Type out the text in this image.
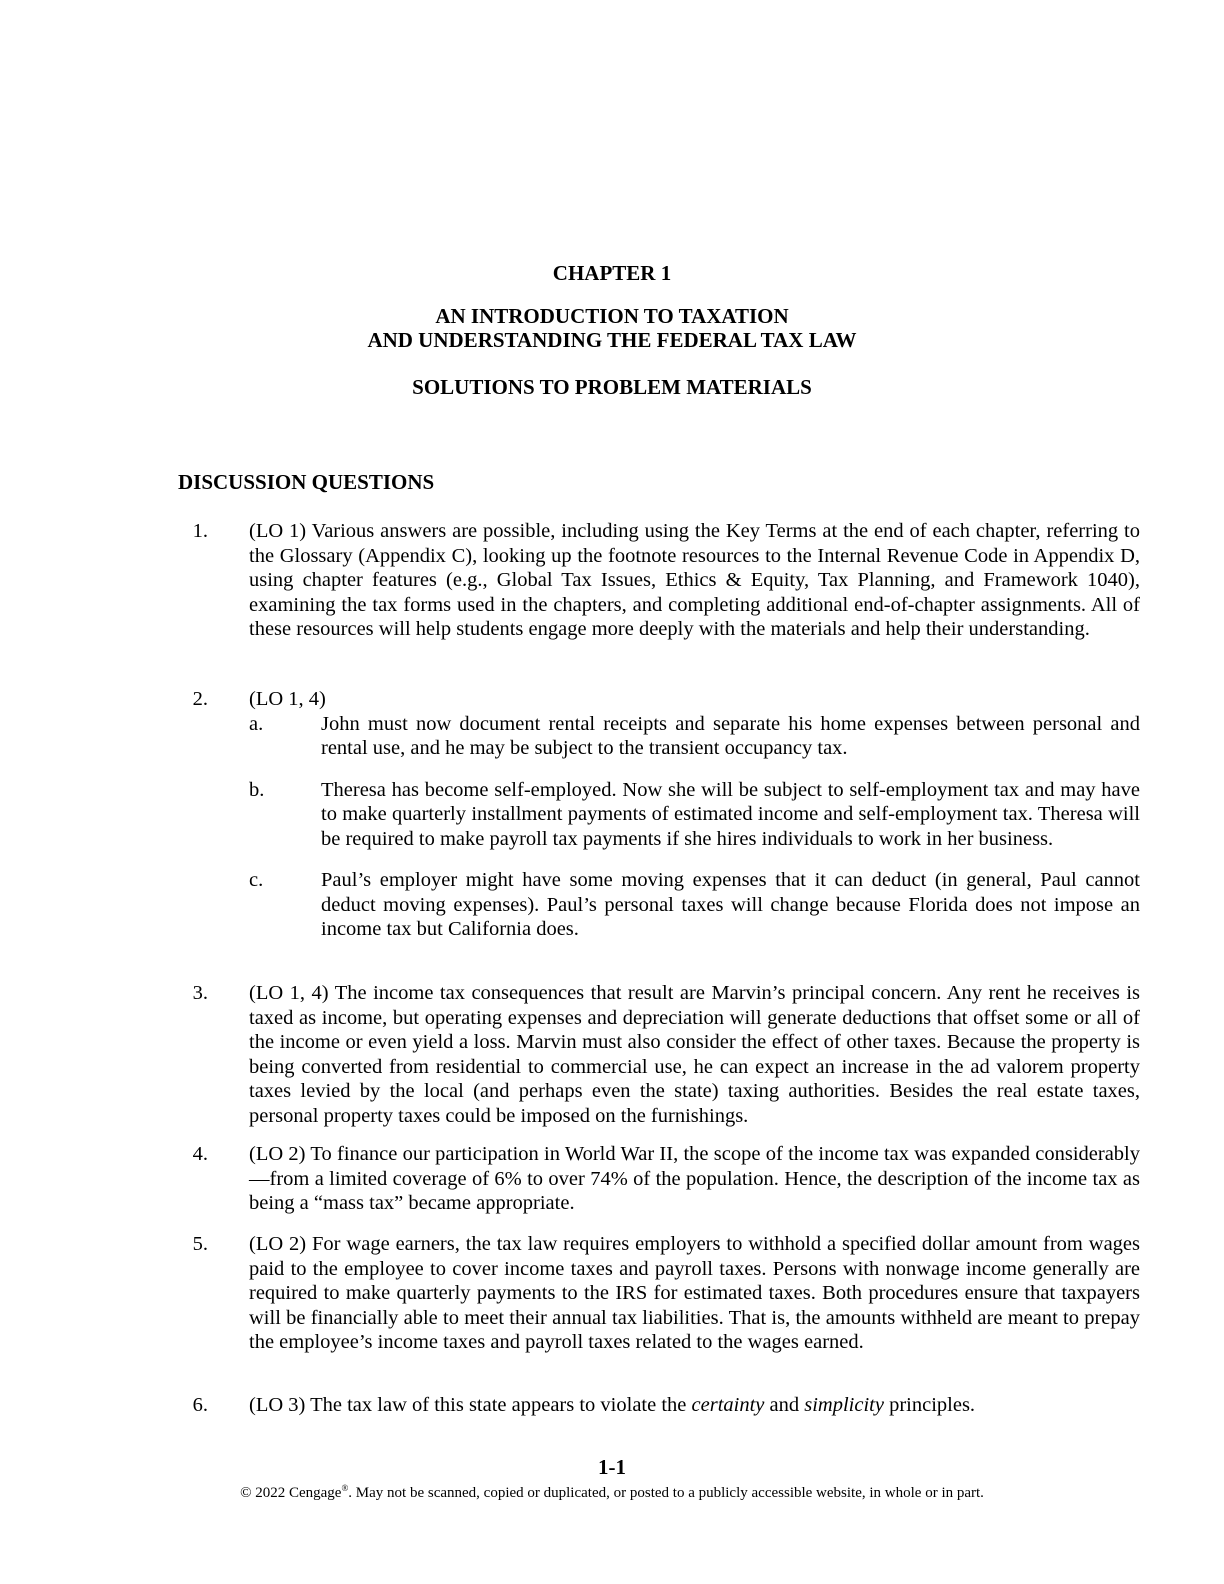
CHAPTER 1
AN INTRODUCTION TO TAXATION
AND UNDERSTANDING THE FEDERAL TAX LAW
SOLUTIONS TO PROBLEM MATERIALS
DISCUSSION QUESTIONS
1. (LO 1) Various answers are possible, including using the Key Terms at the end of each chapter, referring to the Glossary (Appendix C), looking up the footnote resources to the Internal Revenue Code in Appendix D, using chapter features (e.g., Global Tax Issues, Ethics & Equity, Tax Planning, and Framework 1040), examining the tax forms used in the chapters, and completing additional end-of-chapter assignments. All of these resources will help students engage more deeply with the materials and help their understanding.
2. (LO 1, 4)
a.	John must now document rental receipts and separate his home expenses between personal and rental use, and he may be subject to the transient occupancy tax.
b.	Theresa has become self-employed. Now she will be subject to self-employment tax and may have to make quarterly installment payments of estimated income and self-employment tax. Theresa will be required to make payroll tax payments if she hires individuals to work in her business.
c.	Paul’s employer might have some moving expenses that it can deduct (in general, Paul cannot deduct moving expenses). Paul’s personal taxes will change because Florida does not impose an income tax but California does.
3. (LO 1, 4) The income tax consequences that result are Marvin’s principal concern. Any rent he receives is taxed as income, but operating expenses and depreciation will generate deductions that offset some or all of the income or even yield a loss. Marvin must also consider the effect of other taxes. Because the property is being converted from residential to commercial use, he can expect an increase in the ad valorem property taxes levied by the local (and perhaps even the state) taxing authorities. Besides the real estate taxes, personal property taxes could be imposed on the furnishings.
4. (LO 2) To finance our participation in World War II, the scope of the income tax was expanded considerably—from a limited coverage of 6% to over 74% of the population. Hence, the description of the income tax as being a “mass tax” became appropriate.
5. (LO 2) For wage earners, the tax law requires employers to withhold a specified dollar amount from wages paid to the employee to cover income taxes and payroll taxes. Persons with nonwage income generally are required to make quarterly payments to the IRS for estimated taxes. Both procedures ensure that taxpayers will be financially able to meet their annual tax liabilities. That is, the amounts withheld are meant to prepay the employee’s income taxes and payroll taxes related to the wages earned.
6. (LO 3) The tax law of this state appears to violate the certainty and simplicity principles.
1-1
© 2022 Cengage®. May not be scanned, copied or duplicated, or posted to a publicly accessible website, in whole or in part.
